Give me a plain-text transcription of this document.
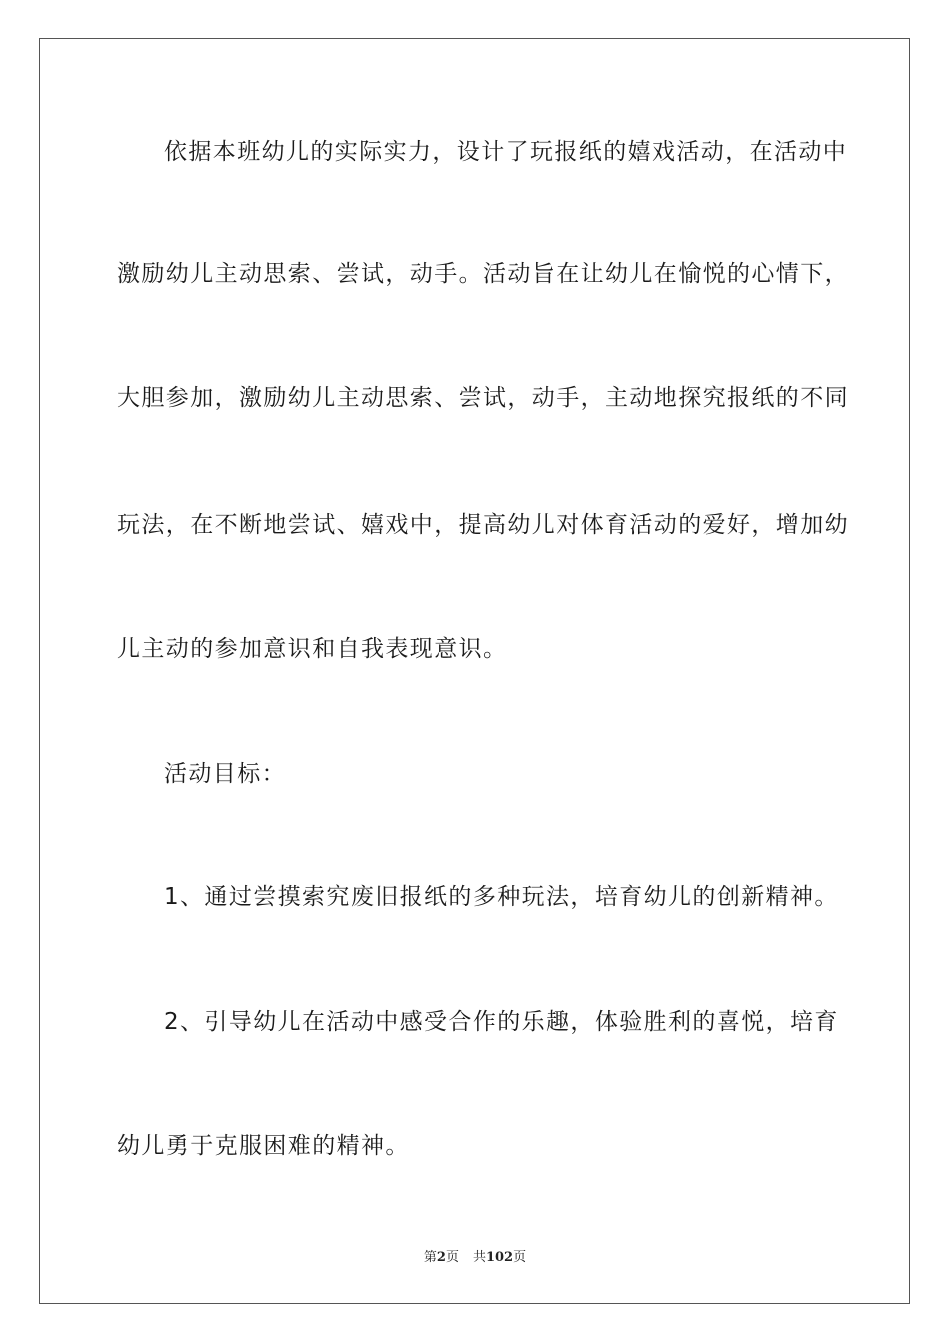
依据本班幼儿的实际实力，设计了玩报纸的嬉戏活动，在活动中
激励幼儿主动思索、尝试，动手。活动旨在让幼儿在愉悦的心情下，
大胆参加，激励幼儿主动思索、尝试，动手，主动地探究报纸的不同
玩法，在不断地尝试、嬉戏中，提高幼儿对体育活动的爱好，增加幼
儿主动的参加意识和自我表现意识。
活动目标：
1、通过尝摸索究废旧报纸的多种玩法，培育幼儿的创新精神。
2、引导幼儿在活动中感受合作的乐趣，体验胜利的喜悦，培育
幼儿勇于克服困难的精神。
第2页 共102页
